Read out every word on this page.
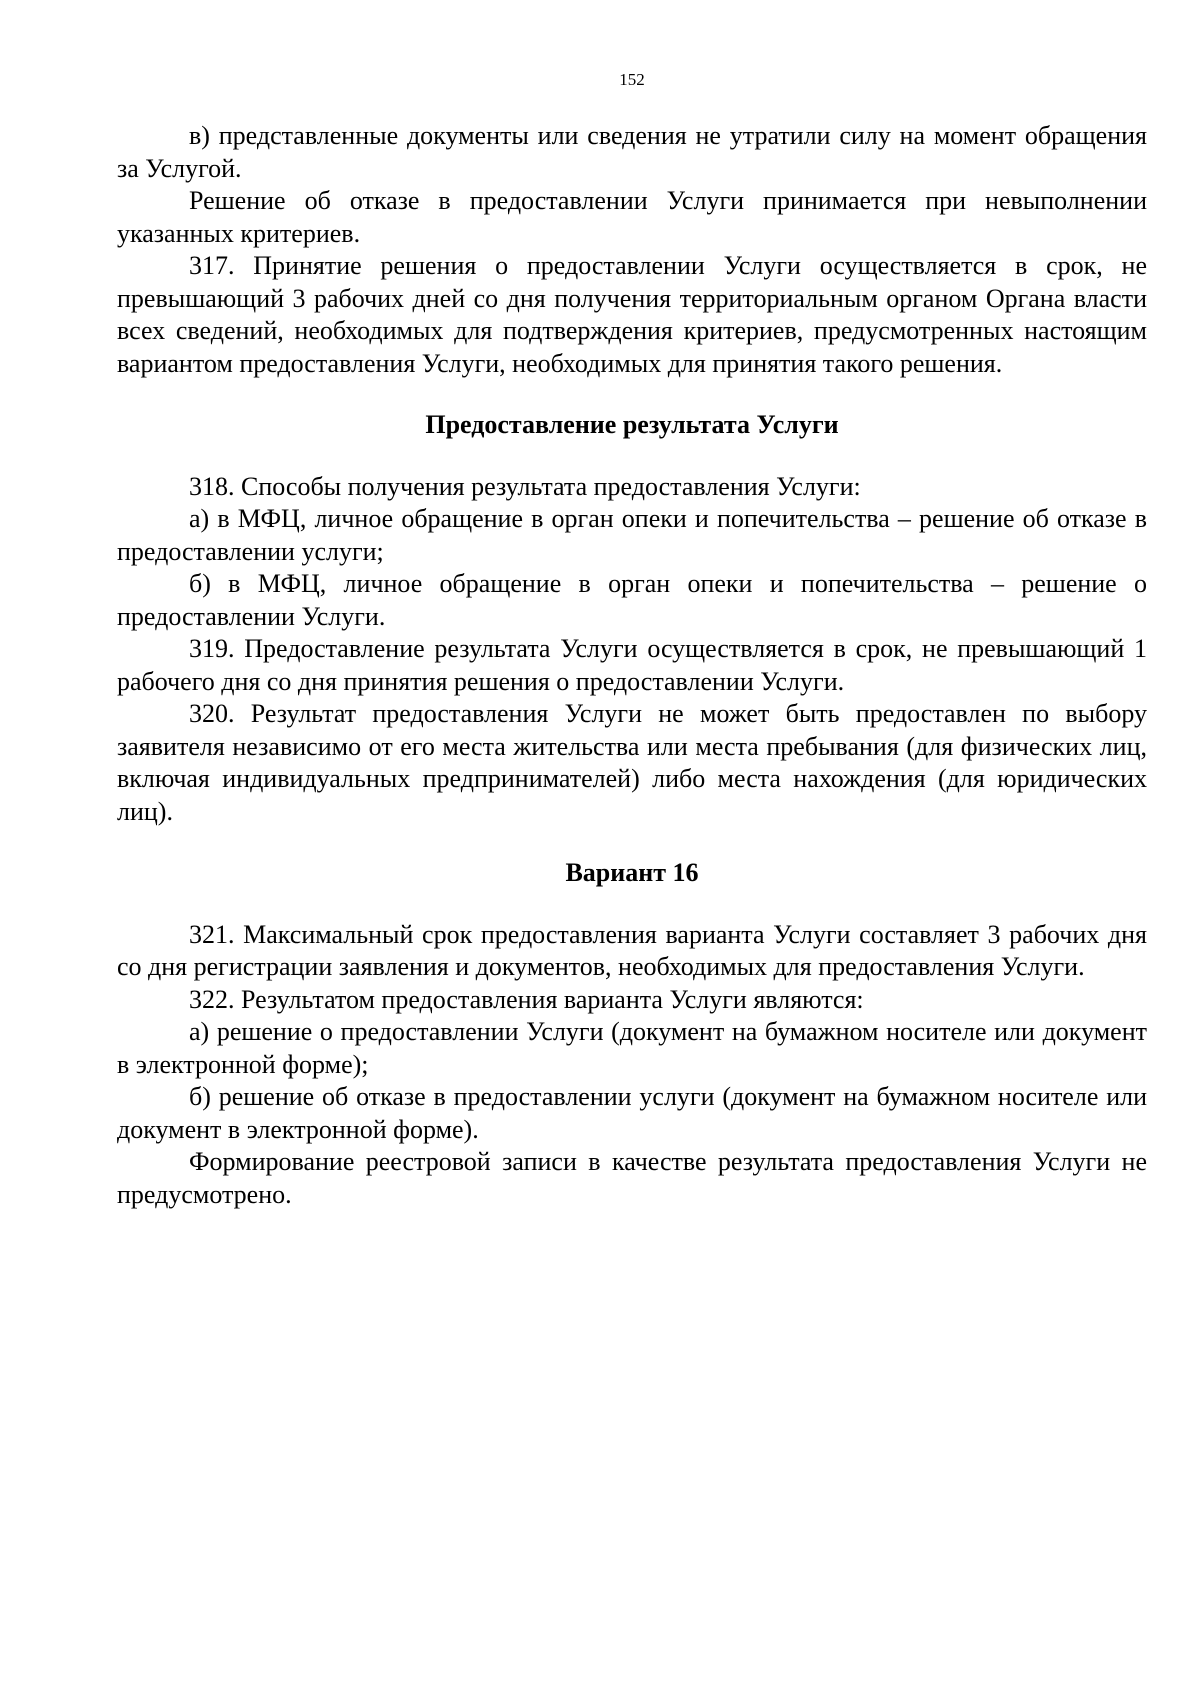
152

в) представленные документы или сведения не утратили силу на момент обращения за Услугой.

Решение об отказе в предоставлении Услуги принимается при невыполнении указанных критериев.

317. Принятие решения о предоставлении Услуги осуществляется в срок, не превышающий 3 рабочих дней со дня получения территориальным органом Органа власти всех сведений, необходимых для подтверждения критериев, предусмотренных настоящим вариантом предоставления Услуги, необходимых для принятия такого решения.

Предоставление результата Услуги

318. Способы получения результата предоставления Услуги:

а) в МФЦ, личное обращение в орган опеки и попечительства – решение об отказе в предоставлении услуги;

б) в МФЦ, личное обращение в орган опеки и попечительства – решение о предоставлении Услуги.

319. Предоставление результата Услуги осуществляется в срок, не превышающий 1 рабочего дня со дня принятия решения о предоставлении Услуги.

320. Результат предоставления Услуги не может быть предоставлен по выбору заявителя независимо от его места жительства или места пребывания (для физических лиц, включая индивидуальных предпринимателей) либо места нахождения (для юридических лиц).

Вариант 16

321. Максимальный срок предоставления варианта Услуги составляет 3 рабочих дня со дня регистрации заявления и документов, необходимых для предоставления Услуги.

322. Результатом предоставления варианта Услуги являются:

а) решение о предоставлении Услуги (документ на бумажном носителе или документ в электронной форме);

б) решение об отказе в предоставлении услуги (документ на бумажном носителе или документ в электронной форме).

Формирование реестровой записи в качестве результата предоставления Услуги не предусмотрено.
